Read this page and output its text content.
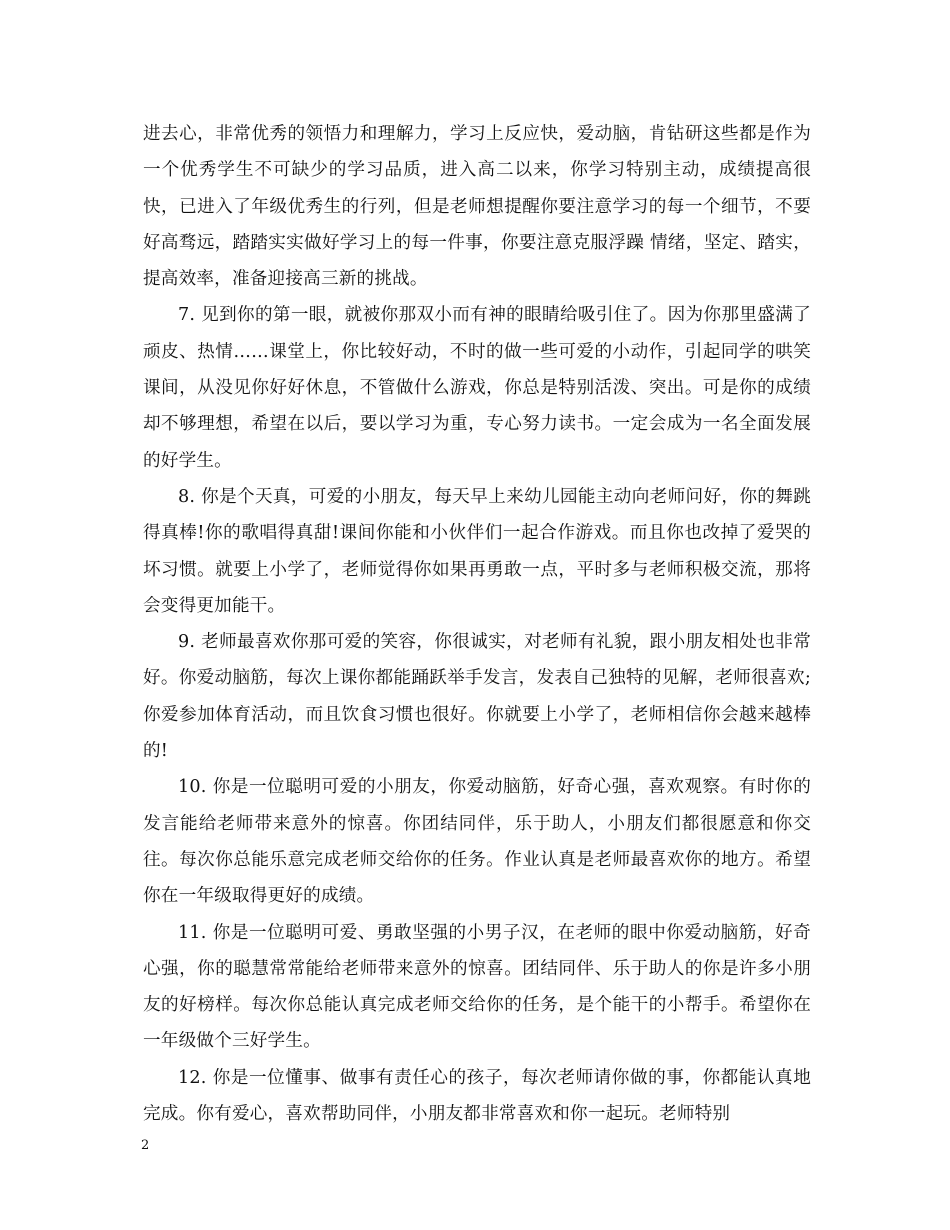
进去心，非常优秀的领悟力和理解力，学习上反应快，爱动脑，肯钻研这些都是作为一个优秀学生不可缺少的学习品质，进入高二以来，你学习特别主动，成绩提高很快，已进入了年级优秀生的行列，但是老师想提醒你要注意学习的每一个细节，不要好高骛远，踏踏实实做好学习上的每一件事，你要注意克服浮躁 情绪，坚定、踏实，提高效率，准备迎接高三新的挑战。

7. 见到你的第一眼，就被你那双小而有神的眼睛给吸引住了。因为你那里盛满了顽皮、热情……课堂上，你比较好动，不时的做一些可爱的小动作，引起同学的哄笑课间，从没见你好好休息，不管做什么游戏，你总是特别活泼、突出。可是你的成绩却不够理想，希望在以后，要以学习为重，专心努力读书。一定会成为一名全面发展的好学生。

8. 你是个天真，可爱的小朋友，每天早上来幼儿园能主动向老师问好，你的舞跳得真棒!你的歌唱得真甜!课间你能和小伙伴们一起合作游戏。而且你也改掉了爱哭的坏习惯。就要上小学了，老师觉得你如果再勇敢一点，平时多与老师积极交流，那将会变得更加能干。

9. 老师最喜欢你那可爱的笑容，你很诚实，对老师有礼貌，跟小朋友相处也非常好。你爱动脑筋，每次上课你都能踊跃举手发言，发表自己独特的见解，老师很喜欢;你爱参加体育活动，而且饮食习惯也很好。你就要上小学了，老师相信你会越来越棒的!

10. 你是一位聪明可爱的小朋友，你爱动脑筋，好奇心强，喜欢观察。有时你的发言能给老师带来意外的惊喜。你团结同伴，乐于助人，小朋友们都很愿意和你交往。每次你总能乐意完成老师交给你的任务。作业认真是老师最喜欢你的地方。希望你在一年级取得更好的成绩。

11. 你是一位聪明可爱、勇敢坚强的小男子汉，在老师的眼中你爱动脑筋，好奇心强，你的聪慧常常能给老师带来意外的惊喜。团结同伴、乐于助人的你是许多小朋友的好榜样。每次你总能认真完成老师交给你的任务，是个能干的小帮手。希望你在一年级做个三好学生。

12. 你是一位懂事、做事有责任心的孩子，每次老师请你做的事，你都能认真地完成。你有爱心，喜欢帮助同伴，小朋友都非常喜欢和你一起玩。老师特别

2
